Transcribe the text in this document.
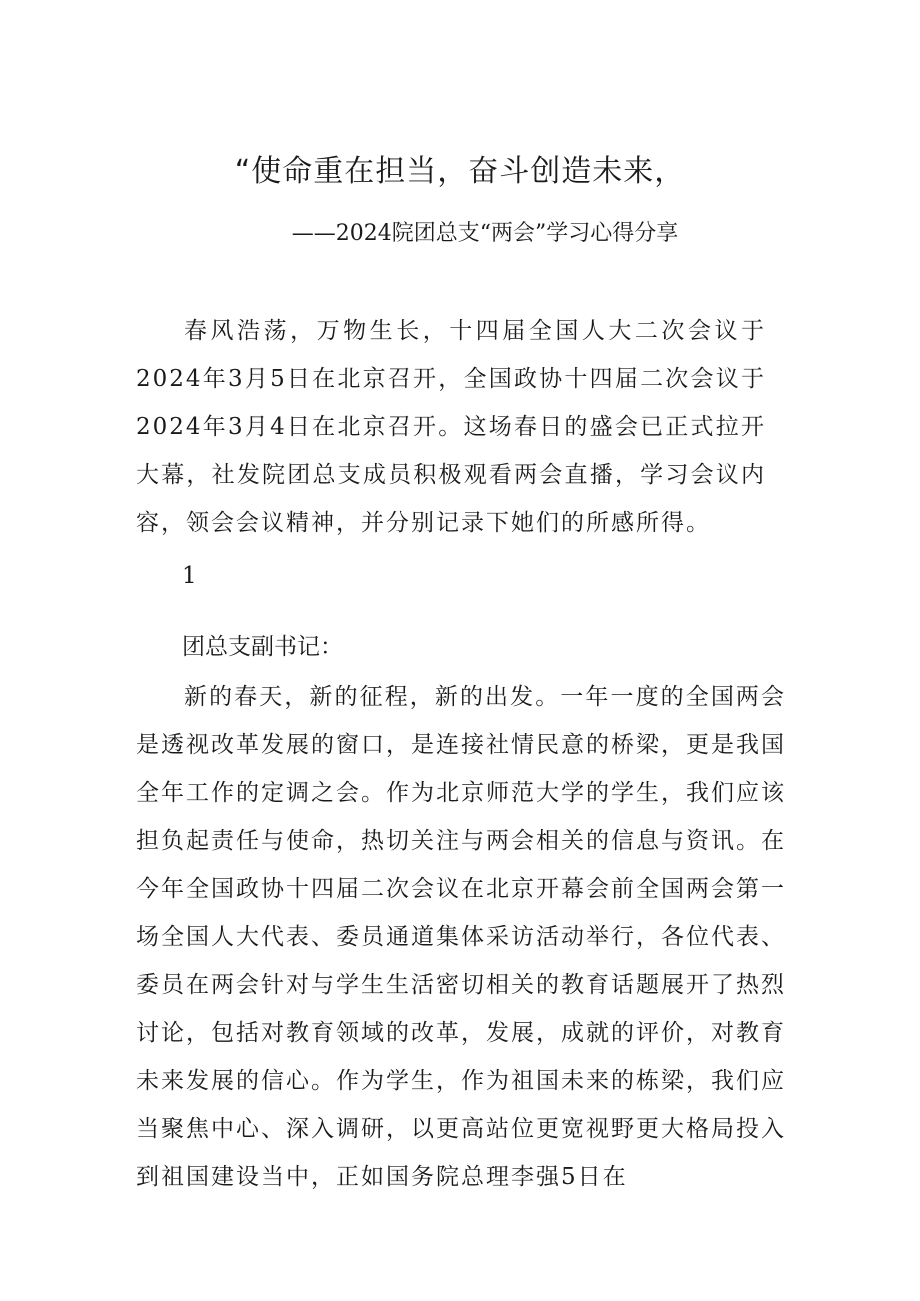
“使命重在担当，奋斗创造未来，

——2024院团总支“两会”学习心得分享

春风浩荡，万物生长，十四届全国人大二次会议于2024年3月5日在北京召开，全国政协十四届二次会议于2024年3月4日在北京召开。这场春日的盛会已正式拉开大幕，社发院团总支成员积极观看两会直播，学习会议内容，领会会议精神，并分别记录下她们的所感所得。

1

团总支副书记：

新的春天，新的征程，新的出发。一年一度的全国两会是透视改革发展的窗口，是连接社情民意的桥梁，更是我国全年工作的定调之会。作为北京师范大学的学生，我们应该担负起责任与使命，热切关注与两会相关的信息与资讯。在今年全国政协十四届二次会议在北京开幕会前全国两会第一场全国人大代表、委员通道集体采访活动举行，各位代表、委员在两会针对与学生生活密切相关的教育话题展开了热烈讨论，包括对教育领域的改革，发展，成就的评价，对教育未来发展的信心。作为学生，作为祖国未来的栋梁，我们应当聚焦中心、深入调研，以更高站位更宽视野更大格局投入到祖国建设当中，正如国务院总理李强5日在
